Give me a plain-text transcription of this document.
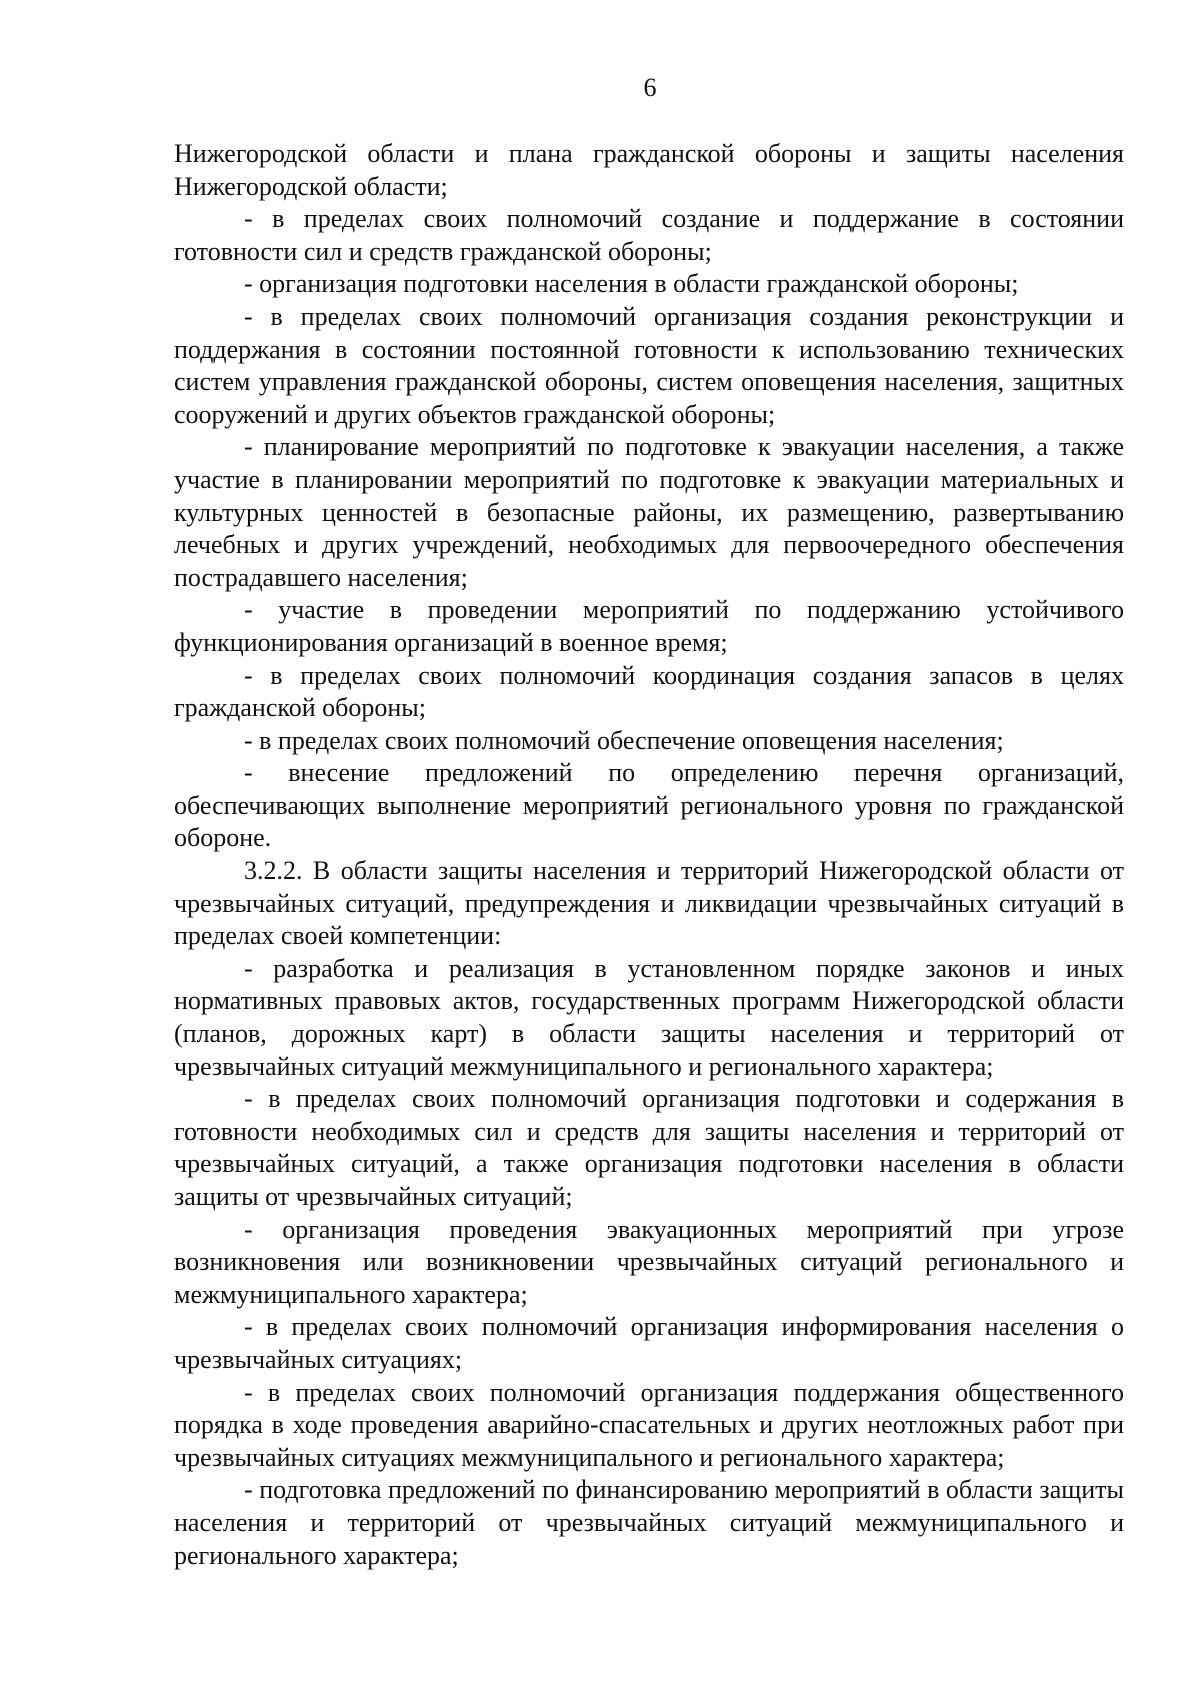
6

Нижегородской области и плана гражданской обороны и защиты населения Нижегородской области;

- в пределах своих полномочий создание и поддержание в состоянии готовности сил и средств гражданской обороны;

- организация подготовки населения в области гражданской обороны;

- в пределах своих полномочий организация создания реконструкции и поддержания в состоянии постоянной готовности к использованию технических систем управления гражданской обороны, систем оповещения населения, защитных сооружений и других объектов гражданской обороны;

- планирование мероприятий по подготовке к эвакуации населения, а также участие в планировании мероприятий по подготовке к эвакуации материальных и культурных ценностей в безопасные районы, их размещению, развертыванию лечебных и других учреждений, необходимых для первоочередного обеспечения пострадавшего населения;

- участие в проведении мероприятий по поддержанию устойчивого функционирования организаций в военное время;

- в пределах своих полномочий координация создания запасов в целях гражданской обороны;

- в пределах своих полномочий обеспечение оповещения населения;

- внесение предложений по определению перечня организаций, обеспечивающих выполнение мероприятий регионального уровня по гражданской обороне.

3.2.2. В области защиты населения и территорий Нижегородской области от чрезвычайных ситуаций, предупреждения и ликвидации чрезвычайных ситуаций в пределах своей компетенции:

- разработка и реализация в установленном порядке законов и иных нормативных правовых актов, государственных программ Нижегородской области (планов, дорожных карт) в области защиты населения и территорий от чрезвычайных ситуаций межмуниципального и регионального характера;

- в пределах своих полномочий организация подготовки и содержания в готовности необходимых сил и средств для защиты населения и территорий от чрезвычайных ситуаций, а также организация подготовки населения в области защиты от чрезвычайных ситуаций;

- организация проведения эвакуационных мероприятий при угрозе возникновения или возникновении чрезвычайных ситуаций регионального и межмуниципального характера;

- в пределах своих полномочий организация информирования населения о чрезвычайных ситуациях;

- в пределах своих полномочий организация поддержания общественного порядка в ходе проведения аварийно-спасательных и других неотложных работ при чрезвычайных ситуациях межмуниципального и регионального характера;

- подготовка предложений по финансированию мероприятий в области защиты населения и территорий от чрезвычайных ситуаций межмуниципального и регионального характера;
